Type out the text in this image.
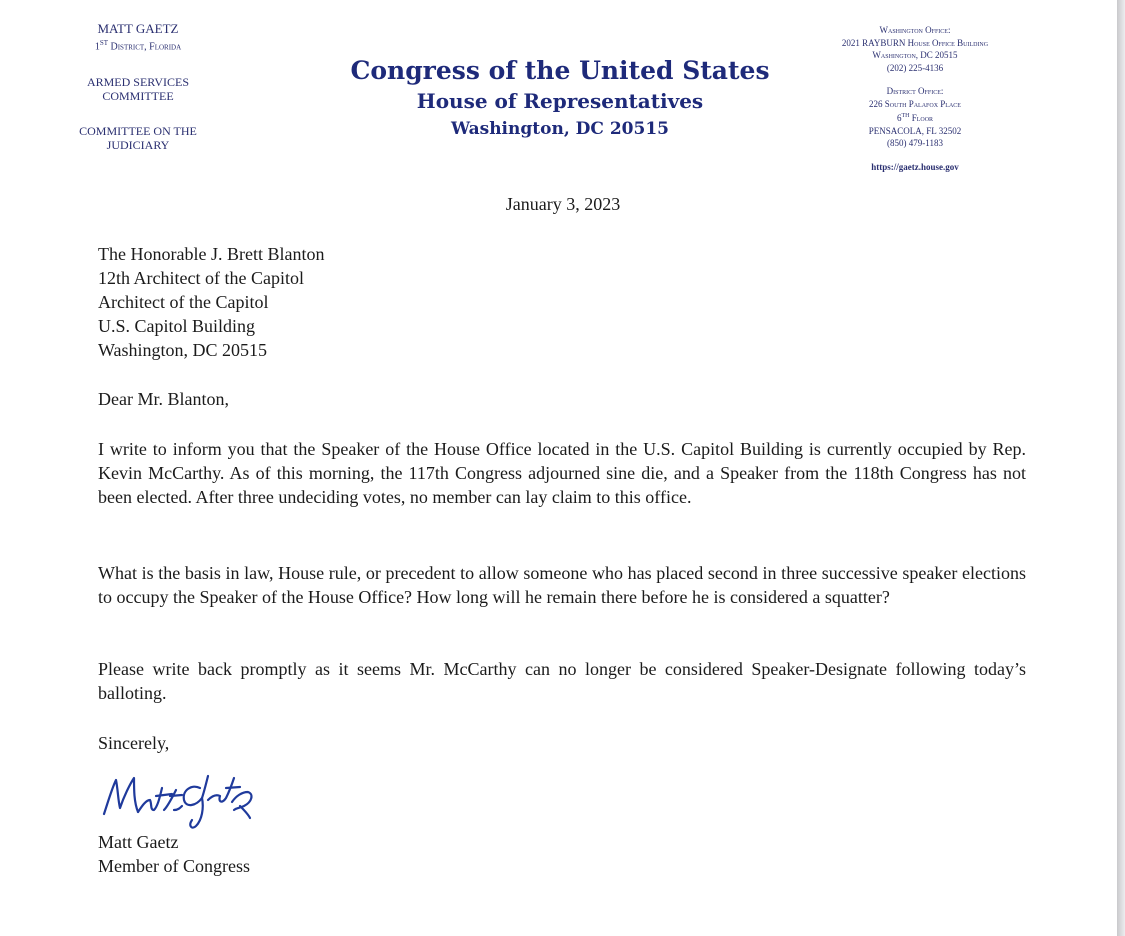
MATT GAETZ
1ST District, Florida
ARMED SERVICES
COMMITTEE
COMMITTEE ON THE
JUDICIARY
Congress of the United States
House of Representatives
Washington, DC 20515
Washington Office:
2021 RAYBURN House Office Building
Washington, DC 20515
(202) 225-4136
District Office:
226 South Palafox Place
6TH Floor
PENSACOLA, FL 32502
(850) 479-1183
https://gaetz.house.gov
January 3, 2023
The Honorable J. Brett Blanton
12th Architect of the Capitol
Architect of the Capitol
U.S. Capitol Building
Washington, DC 20515
Dear Mr. Blanton,
I write to inform you that the Speaker of the House Office located in the U.S. Capitol Building is currently occupied by Rep. Kevin McCarthy. As of this morning, the 117th Congress adjourned sine die, and a Speaker from the 118th Congress has not been elected. After three undeciding votes, no member can lay claim to this office.
What is the basis in law, House rule, or precedent to allow someone who has placed second in three successive speaker elections to occupy the Speaker of the House Office? How long will he remain there before he is considered a squatter?
Please write back promptly as it seems Mr. McCarthy can no longer be considered Speaker-Designate following today’s balloting.
Sincerely,
Matt Gaetz
Member of Congress
